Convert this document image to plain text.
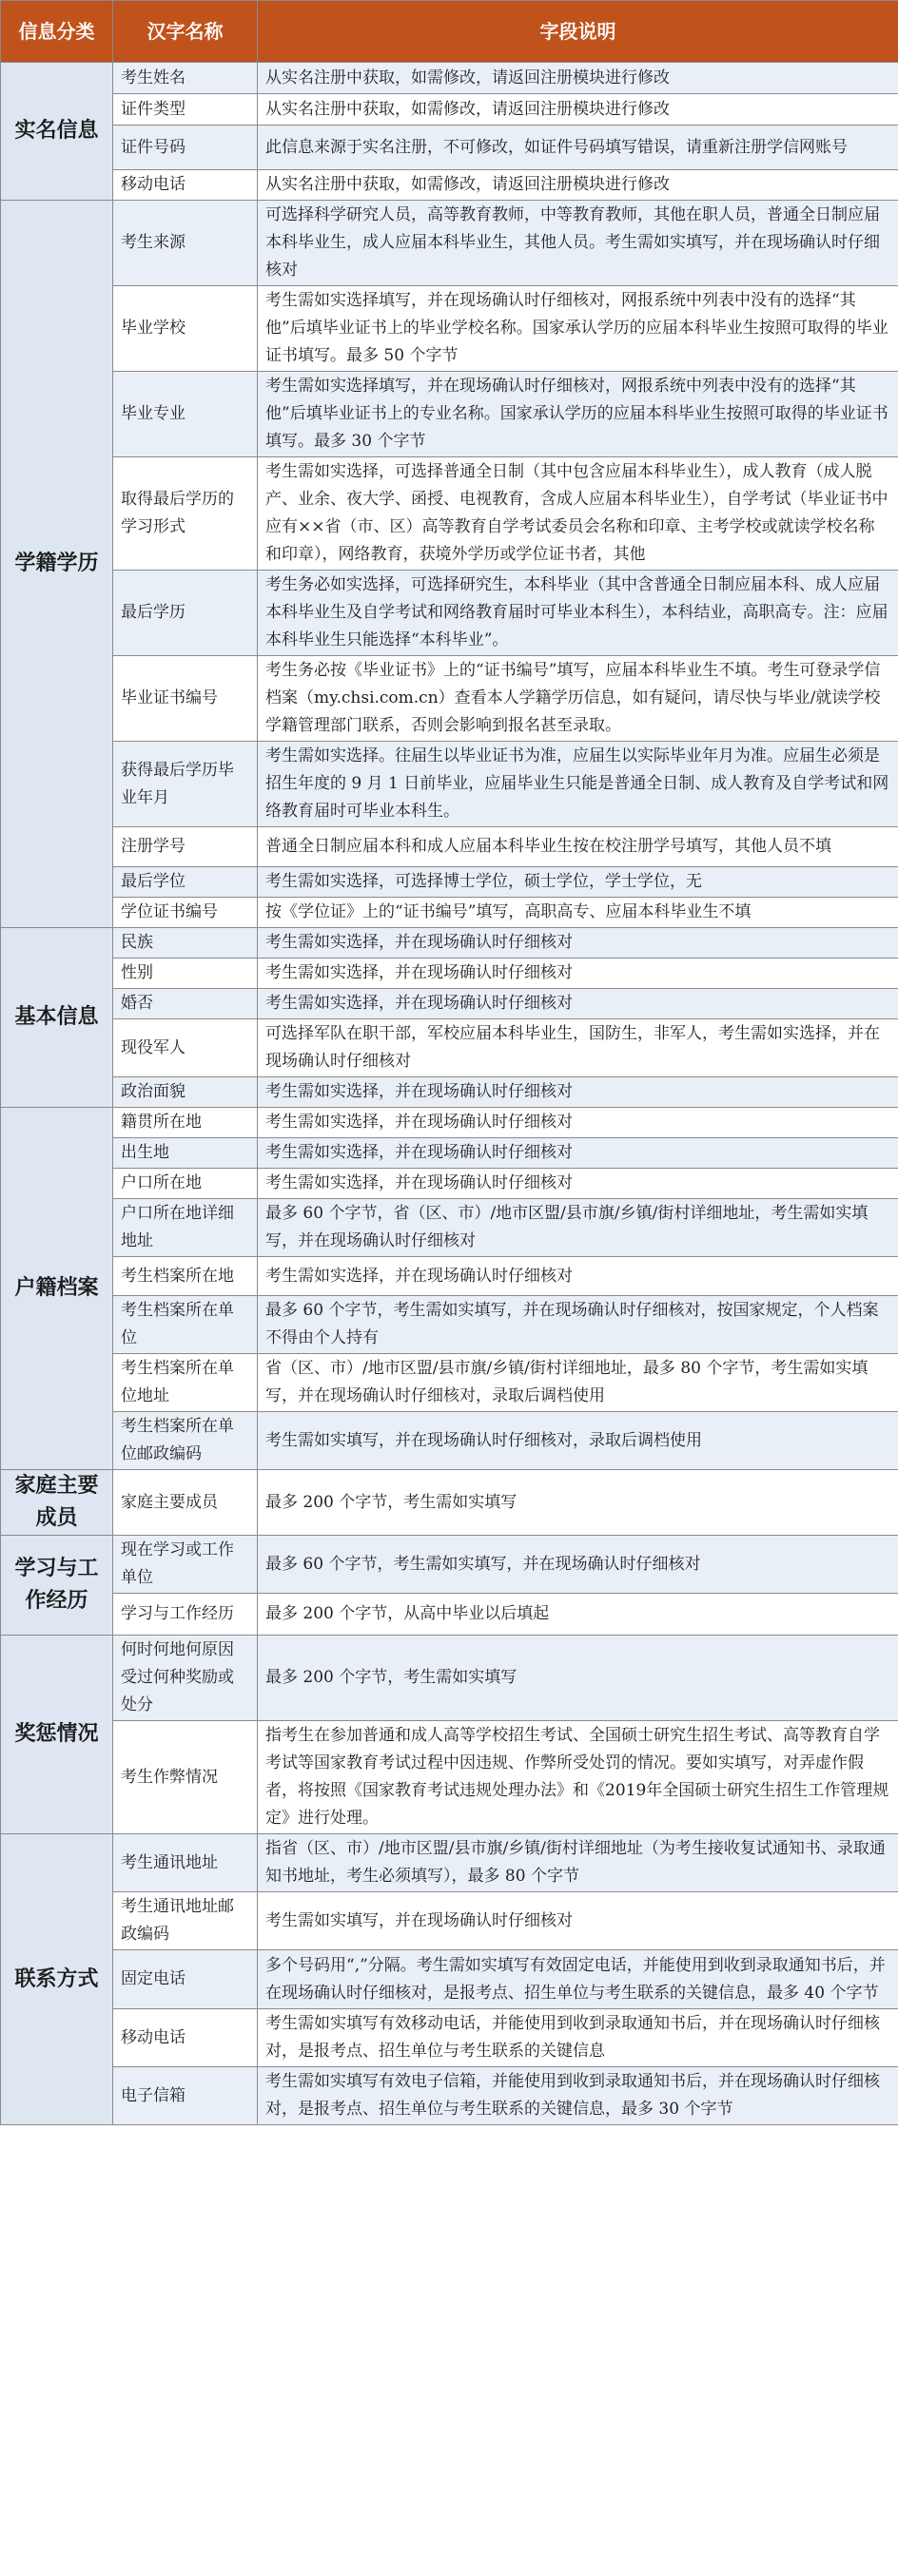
信息分类	汉字名称	字段说明
实名信息	考生姓名	从实名注册中获取，如需修改，请返回注册模块进行修改
	证件类型	从实名注册中获取，如需修改，请返回注册模块进行修改
	证件号码	此信息来源于实名注册，不可修改，如证件号码填写错误，请重新注册学信网账号
	移动电话	从实名注册中获取，如需修改，请返回注册模块进行修改
学籍学历	考生来源	可选择科学研究人员，高等教育教师，中等教育教师，其他在职人员，普通全日制应届本科毕业生，成人应届本科毕业生，其他人员。考生需如实填写，并在现场确认时仔细核对
	毕业学校	考生需如实选择填写，并在现场确认时仔细核对，网报系统中列表中没有的选择“其他”后填毕业证书上的毕业学校名称。国家承认学历的应届本科毕业生按照可取得的毕业证书填写。最多 50 个字节
	毕业专业	考生需如实选择填写，并在现场确认时仔细核对，网报系统中列表中没有的选择“其他”后填毕业证书上的专业名称。国家承认学历的应届本科毕业生按照可取得的毕业证书填写。最多 30 个字节
	取得最后学历的学习形式	考生需如实选择，可选择普通全日制（其中包含应届本科毕业生），成人教育（成人脱产、业余、夜大学、函授、电视教育，含成人应届本科毕业生），自学考试（毕业证书中应有××省（市、区）高等教育自学考试委员会名称和印章、主考学校或就读学校名称和印章），网络教育，获境外学历或学位证书者，其他
	最后学历	考生务必如实选择，可选择研究生，本科毕业（其中含普通全日制应届本科、成人应届本科毕业生及自学考试和网络教育届时可毕业本科生），本科结业，高职高专。注：应届本科毕业生只能选择“本科毕业”。
	毕业证书编号	考生务必按《毕业证书》上的“证书编号”填写，应届本科毕业生不填。考生可登录学信档案（my.chsi.com.cn）查看本人学籍学历信息，如有疑问，请尽快与毕业/就读学校学籍管理部门联系，否则会影响到报名甚至录取。
	获得最后学历毕业年月	考生需如实选择。往届生以毕业证书为准，应届生以实际毕业年月为准。应届生必须是招生年度的 9 月 1 日前毕业，应届毕业生只能是普通全日制、成人教育及自学考试和网络教育届时可毕业本科生。
	注册学号	普通全日制应届本科和成人应届本科毕业生按在校注册学号填写，其他人员不填
	最后学位	考生需如实选择，可选择博士学位，硕士学位，学士学位，无
	学位证书编号	按《学位证》上的“证书编号”填写，高职高专、应届本科毕业生不填
基本信息	民族	考生需如实选择，并在现场确认时仔细核对
	性别	考生需如实选择，并在现场确认时仔细核对
	婚否	考生需如实选择，并在现场确认时仔细核对
	现役军人	可选择军队在职干部，军校应届本科毕业生，国防生，非军人，考生需如实选择，并在现场确认时仔细核对
	政治面貌	考生需如实选择，并在现场确认时仔细核对
户籍档案	籍贯所在地	考生需如实选择，并在现场确认时仔细核对
	出生地	考生需如实选择，并在现场确认时仔细核对
	户口所在地	考生需如实选择，并在现场确认时仔细核对
	户口所在地详细地址	最多 60 个字节，省（区、市）/地市区盟/县市旗/乡镇/街村详细地址，考生需如实填写，并在现场确认时仔细核对
	考生档案所在地	考生需如实选择，并在现场确认时仔细核对
	考生档案所在单位	最多 60 个字节，考生需如实填写，并在现场确认时仔细核对，按国家规定，个人档案不得由个人持有
	考生档案所在单位地址	省（区、市）/地市区盟/县市旗/乡镇/街村详细地址，最多 80 个字节，考生需如实填写，并在现场确认时仔细核对，录取后调档使用
	考生档案所在单位邮政编码	考生需如实填写，并在现场确认时仔细核对，录取后调档使用
家庭主要成员	家庭主要成员	最多 200 个字节，考生需如实填写
学习与工作经历	现在学习或工作单位	最多 60 个字节，考生需如实填写，并在现场确认时仔细核对
	学习与工作经历	最多 200 个字节，从高中毕业以后填起
奖惩情况	何时何地何原因受过何种奖励或处分	最多 200 个字节，考生需如实填写
	考生作弊情况	指考生在参加普通和成人高等学校招生考试、全国硕士研究生招生考试、高等教育自学考试等国家教育考试过程中因违规、作弊所受处罚的情况。要如实填写，对弄虚作假者，将按照《国家教育考试违规处理办法》和《2019年全国硕士研究生招生工作管理规定》进行处理。
联系方式	考生通讯地址	指省（区、市）/地市区盟/县市旗/乡镇/街村详细地址（为考生接收复试通知书、录取通知书地址，考生必须填写），最多 80 个字节
	考生通讯地址邮政编码	考生需如实填写，并在现场确认时仔细核对
	固定电话	多个号码用“,”分隔。考生需如实填写有效固定电话，并能使用到收到录取通知书后，并在现场确认时仔细核对，是报考点、招生单位与考生联系的关键信息，最多 40 个字节
	移动电话	考生需如实填写有效移动电话，并能使用到收到录取通知书后，并在现场确认时仔细核对，是报考点、招生单位与考生联系的关键信息
	电子信箱	考生需如实填写有效电子信箱，并能使用到收到录取通知书后，并在现场确认时仔细核对，是报考点、招生单位与考生联系的关键信息，最多 30 个字节
